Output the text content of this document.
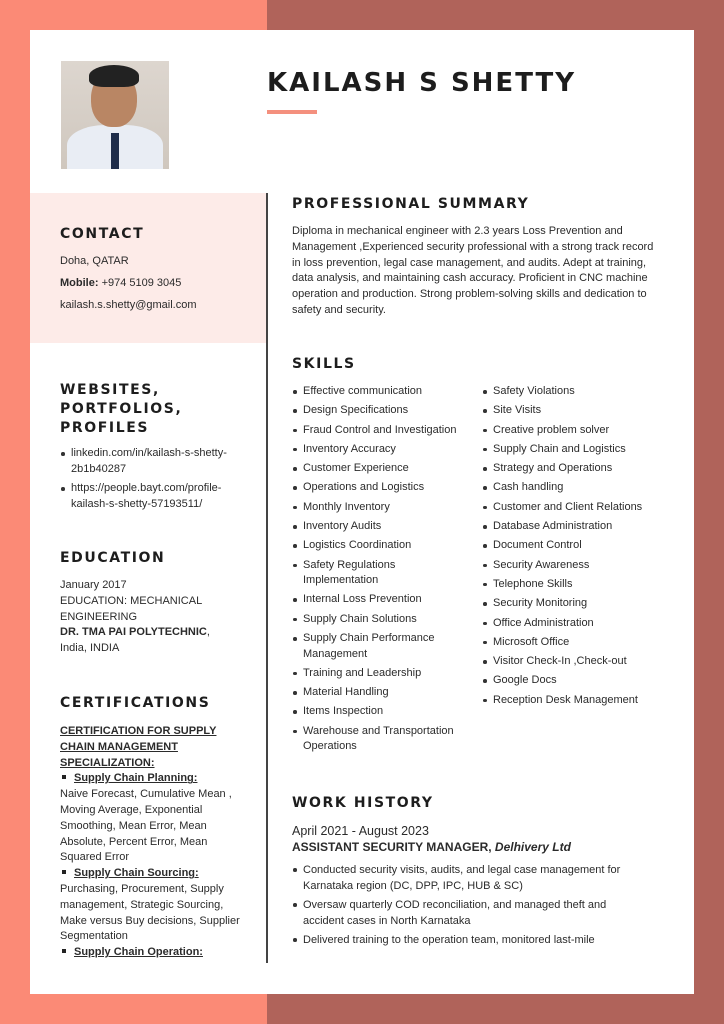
KAILASH S SHETTY
CONTACT

Doha, QATAR

Mobile: +974 5109 3045

kailash.s.shetty@gmail.com

WEBSITES, PORTFOLIOS, PROFILES
linkedin.com/in/kailash-s-shetty-2b1b40287
https://people.bayt.com/profile-kailash-s-shetty-57193511/
EDUCATION

January 2017
EDUCATION: MECHANICAL ENGINEERING
DR. TMA PAI POLYTECHNIC, India, INDIA

CERTIFICATIONS
CERTIFICATION FOR SUPPLY CHAIN MANAGEMENT SPECIALIZATION:
Supply Chain Planning:
Naive Forecast, Cumulative Mean , Moving Average, Exponential Smoothing, Mean Error, Mean Absolute, Percent Error, Mean Squared Error
Supply Chain Sourcing:
Purchasing, Procurement, Supply management, Strategic Sourcing, Make versus Buy decisions, Supplier Segmentation
Supply Chain Operation:
PROFESSIONAL SUMMARY

Diploma in mechanical engineer with 2.3 years Loss Prevention and Management ,Experienced security professional with a strong track record in loss prevention, legal case management, and audits. Adept at training, data analysis, and maintaining cash accuracy. Proficient in CNC machine operation and production. Strong problem-solving skills and dedication to safety and security.

SKILLS
Effective communication
Design Specifications
Fraud Control and Investigation
Inventory Accuracy
Customer Experience
Operations and Logistics
Monthly Inventory
Inventory Audits
Logistics Coordination
Safety Regulations Implementation
Internal Loss Prevention
Supply Chain Solutions
Supply Chain Performance Management
Training and Leadership
Material Handling
Items Inspection
Warehouse and Transportation Operations
Safety Violations
Site Visits
Creative problem solver
Supply Chain and Logistics
Strategy and Operations
Cash handling
Customer and Client Relations
Database Administration
Document Control
Security Awareness
Telephone Skills
Security Monitoring
Office Administration
Microsoft Office
Visitor Check-In ,Check-out
Google Docs
Reception Desk Management
WORK HISTORY

April 2021 - August 2023

ASSISTANT SECURITY MANAGER, Delhivery Ltd

Conducted security visits, audits, and legal case management for Karnataka region (DC, DPP, IPC, HUB & SC)
Oversaw quarterly COD reconciliation, and managed theft and accident cases in North Karnataka
Delivered training to the operation team, monitored last-mile
